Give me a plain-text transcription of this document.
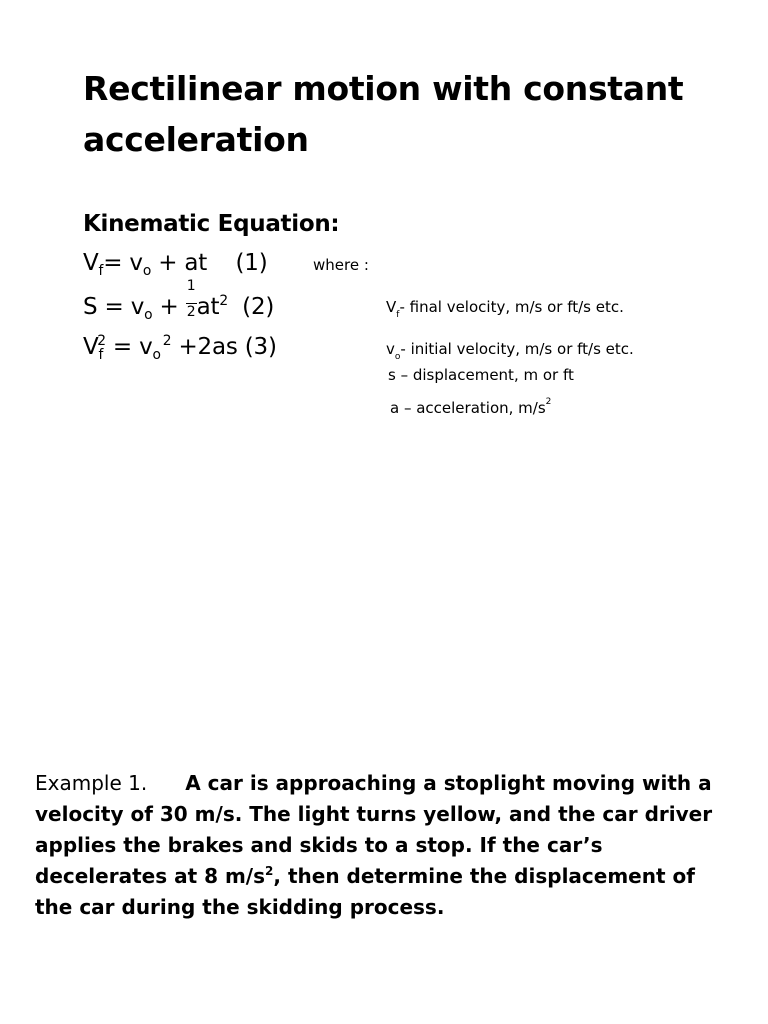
Rectilinear motion with constant
acceleration
Kinematic Equation:
$V_f= v_o$ + at    (1)
$S = v_o + \frac{1}{2} at^2$  (2)
$V_f^2 = v_o^2 +2as$ (3)
where :
$V_f-$ final velocity, m/s or ft/s etc.
$v_o-$ initial velocity, m/s or ft/s etc.
s – displacement, m or ft
a – acceleration, $m/s^2$
Example 1. A car is approaching a stoplight moving with a velocity of 30 m/s. The light turns yellow, and the car driver applies the brakes and skids to a stop. If the car’s decelerates at 8 $m/s^2$, then determine the displacement of the car during the skidding process.
